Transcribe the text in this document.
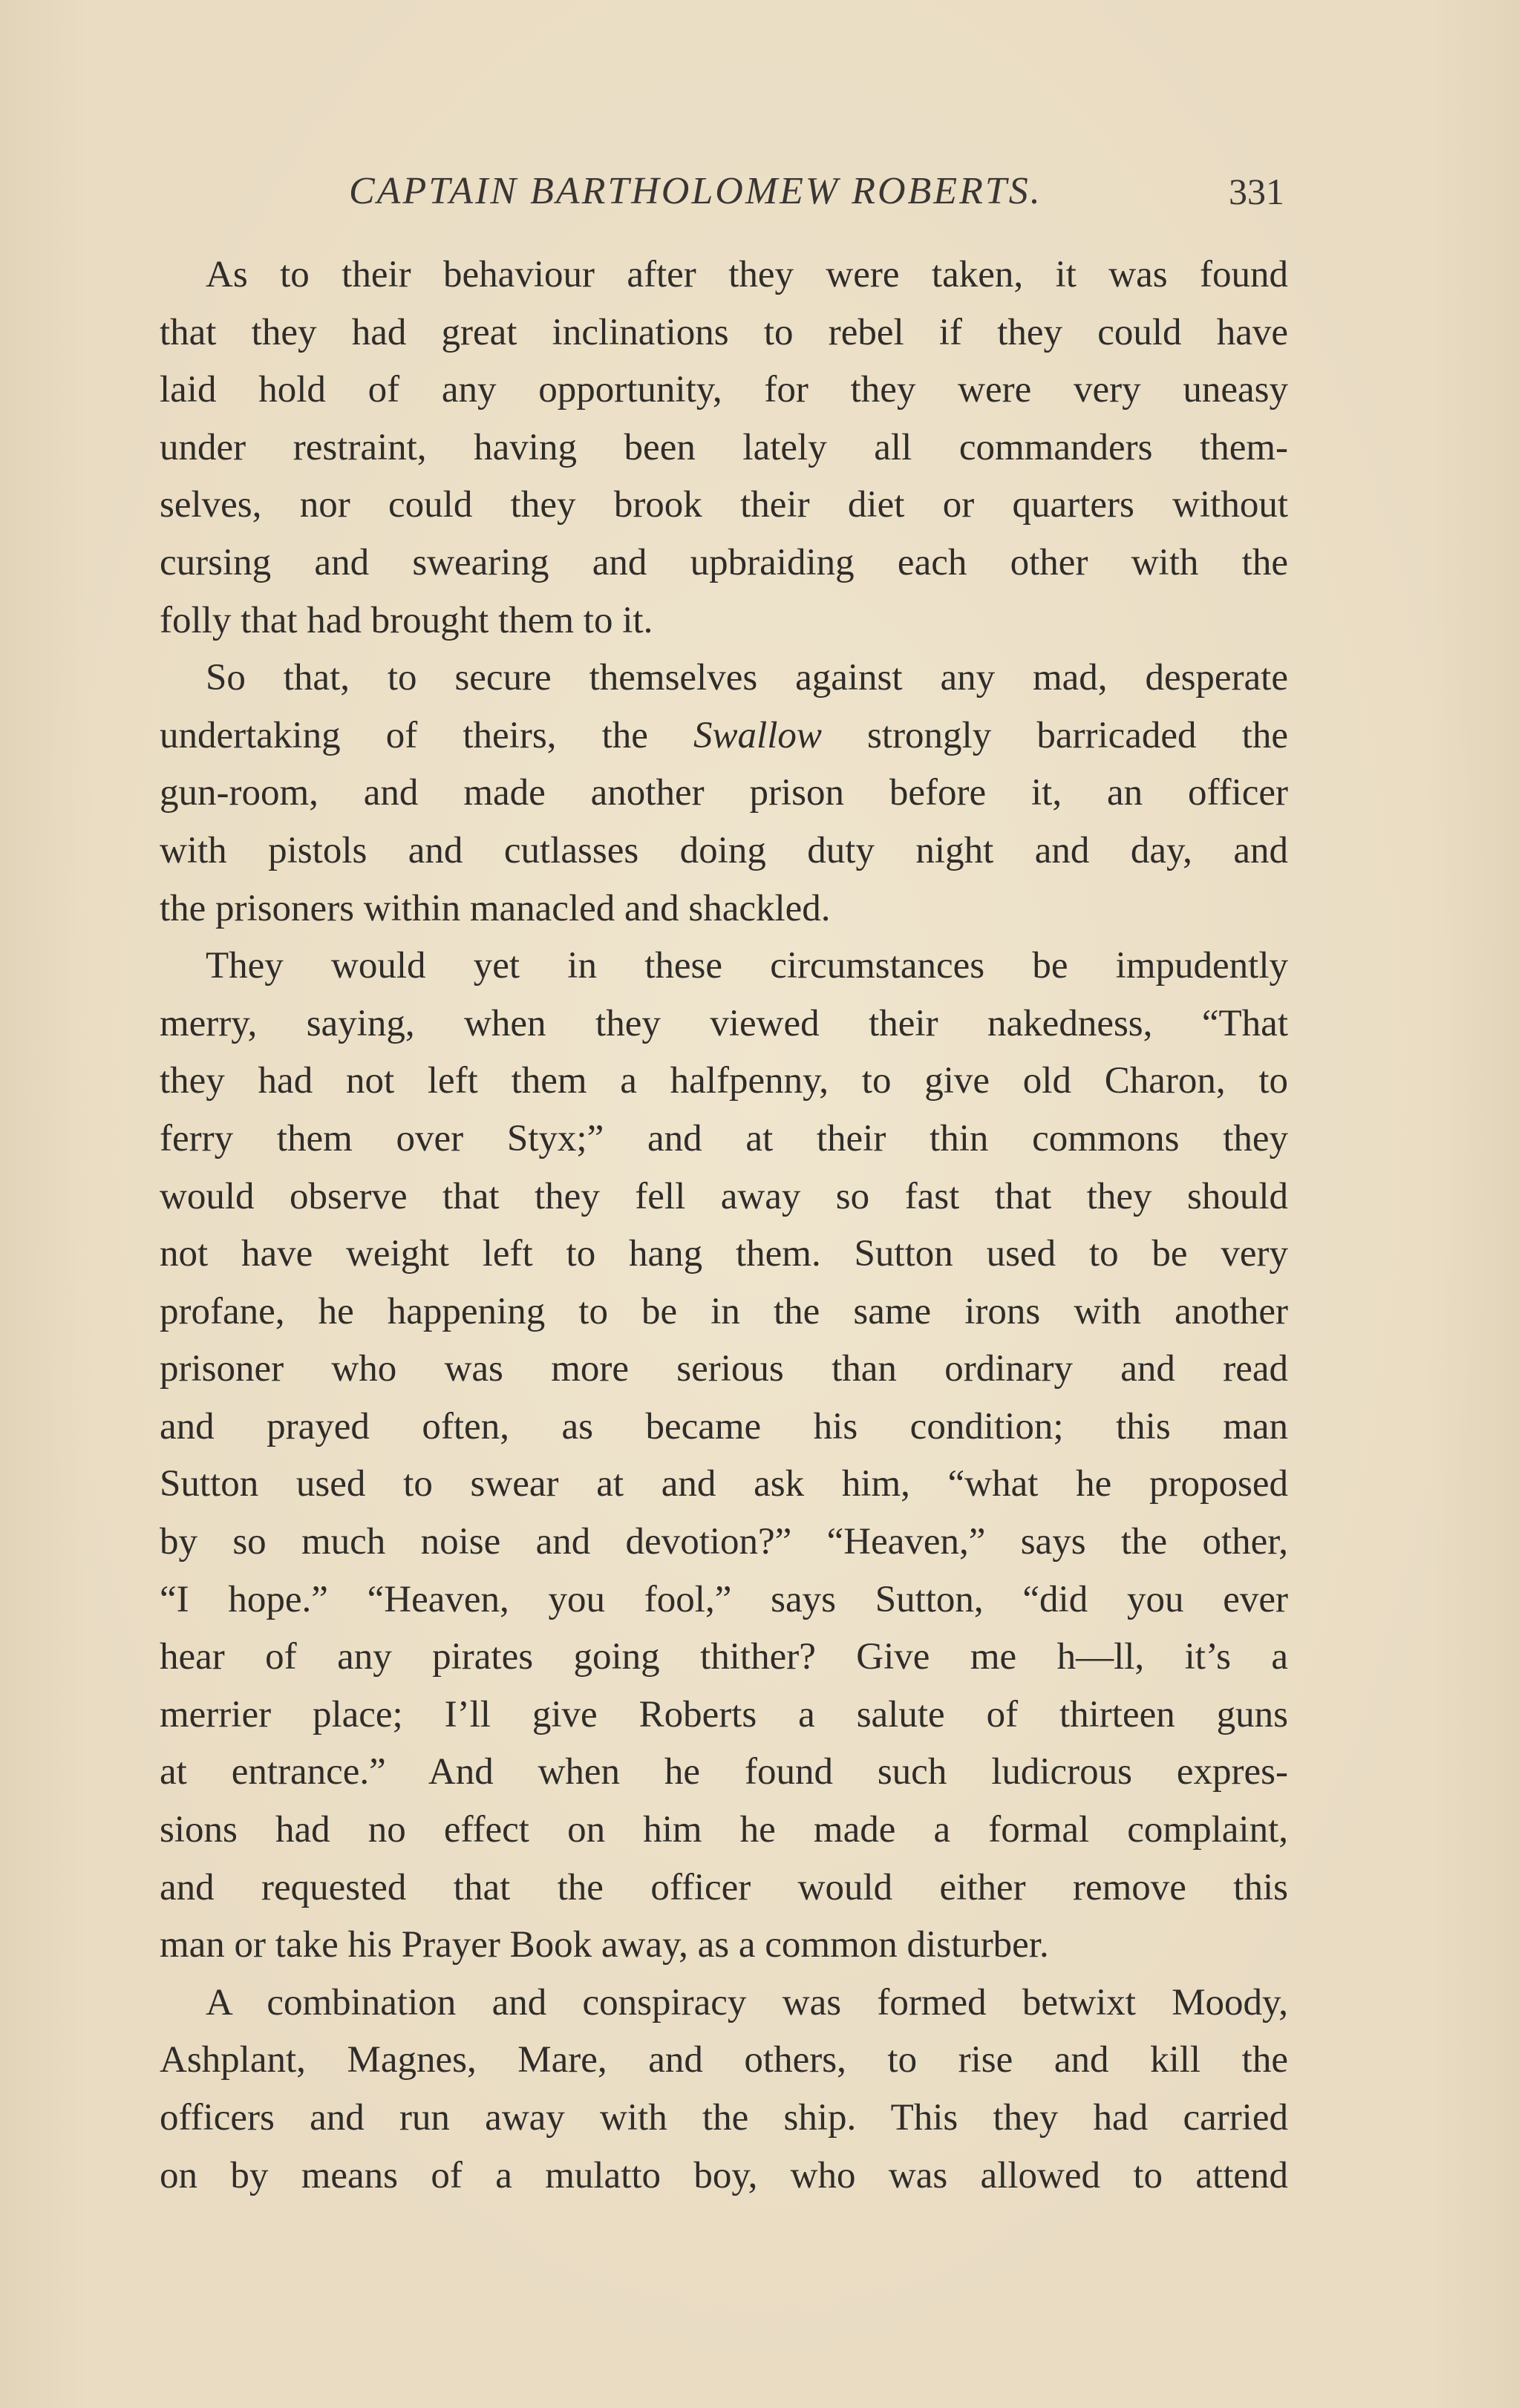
CAPTAIN BARTHOLOMEW ROBERTS.	331
As to their behaviour after they were taken, it was found
that they had great inclinations to rebel if they could have
laid hold of any opportunity, for they were very uneasy
under restraint, having been lately all commanders them-
selves, nor could they brook their diet or quarters without
cursing and swearing and upbraiding each other with the
folly that had brought them to it.
So that, to secure themselves against any mad, desperate
undertaking of theirs, the Swallow strongly barricaded the
gun-room, and made another prison before it, an officer
with pistols and cutlasses doing duty night and day, and
the prisoners within manacled and shackled.
They would yet in these circumstances be impudently
merry, saying, when they viewed their nakedness, “That
they had not left them a halfpenny, to give old Charon, to
ferry them over Styx;” and at their thin commons they
would observe that they fell away so fast that they should
not have weight left to hang them. Sutton used to be very
profane, he happening to be in the same irons with another
prisoner who was more serious than ordinary and read
and prayed often, as became his condition; this man
Sutton used to swear at and ask him, “what he proposed
by so much noise and devotion?” “Heaven,” says the other,
“I hope.” “Heaven, you fool,” says Sutton, “did you ever
hear of any pirates going thither? Give me h—ll, it’s a
merrier place; I’ll give Roberts a salute of thirteen guns
at entrance.” And when he found such ludicrous expres-
sions had no effect on him he made a formal complaint,
and requested that the officer would either remove this
man or take his Prayer Book away, as a common disturber.
A combination and conspiracy was formed betwixt Moody,
Ashplant, Magnes, Mare, and others, to rise and kill the
officers and run away with the ship. This they had carried
on by means of a mulatto boy, who was allowed to attend
